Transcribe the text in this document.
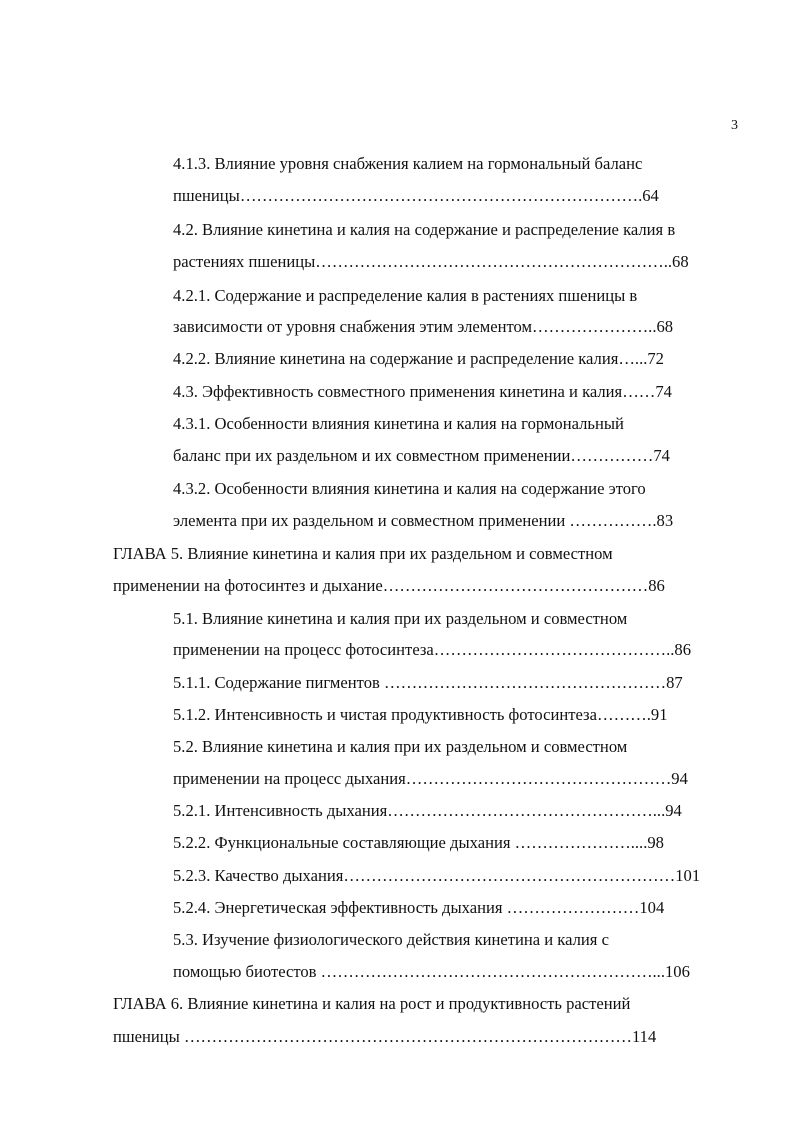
3
4.1.3. Влияние уровня снабжения калием на гормональный баланс
пшеницы……………………………………………………………….64
4.2. Влияние кинетина и калия на содержание и распределение калия в
растениях пшеницы………………………………………………………..68
4.2.1. Содержание и распределение калия в растениях пшеницы в
зависимости от уровня снабжения этим элементом…………………..68
4.2.2. Влияние кинетина на содержание и распределение калия…...72
4.3. Эффективность совместного применения кинетина и калия……74
4.3.1. Особенности влияния кинетина и калия на гормональный
баланс при их раздельном и их совместном применении……………74
4.3.2. Особенности влияния кинетина и калия на содержание этого
элемента при их раздельном и совместном применении …………….83
ГЛАВА 5. Влияние кинетина и калия при их раздельном и совместном
применении на фотосинтез и дыхание…………………………………………86
5.1. Влияние кинетина и калия при их раздельном и совместном
применении на процесс фотосинтеза……………………………………..86
5.1.1. Содержание пигментов ……………………………………………87
5.1.2. Интенсивность и чистая продуктивность фотосинтеза……….91
5.2. Влияние кинетина и калия при их раздельном и совместном
применении на процесс дыхания…………………………………………94
5.2.1. Интенсивность дыхания…………………………………………...94
5.2.2. Функциональные составляющие дыхания …………………....98
5.2.3. Качество дыхания……………………………………………………101
5.2.4. Энергетическая эффективность дыхания ……………………104
5.3. Изучение физиологического действия кинетина и калия с
помощью биотестов ……………………………………………………...106
ГЛАВА 6. Влияние кинетина и калия на рост и продуктивность растений
пшеницы ………………………………………………………………………114
